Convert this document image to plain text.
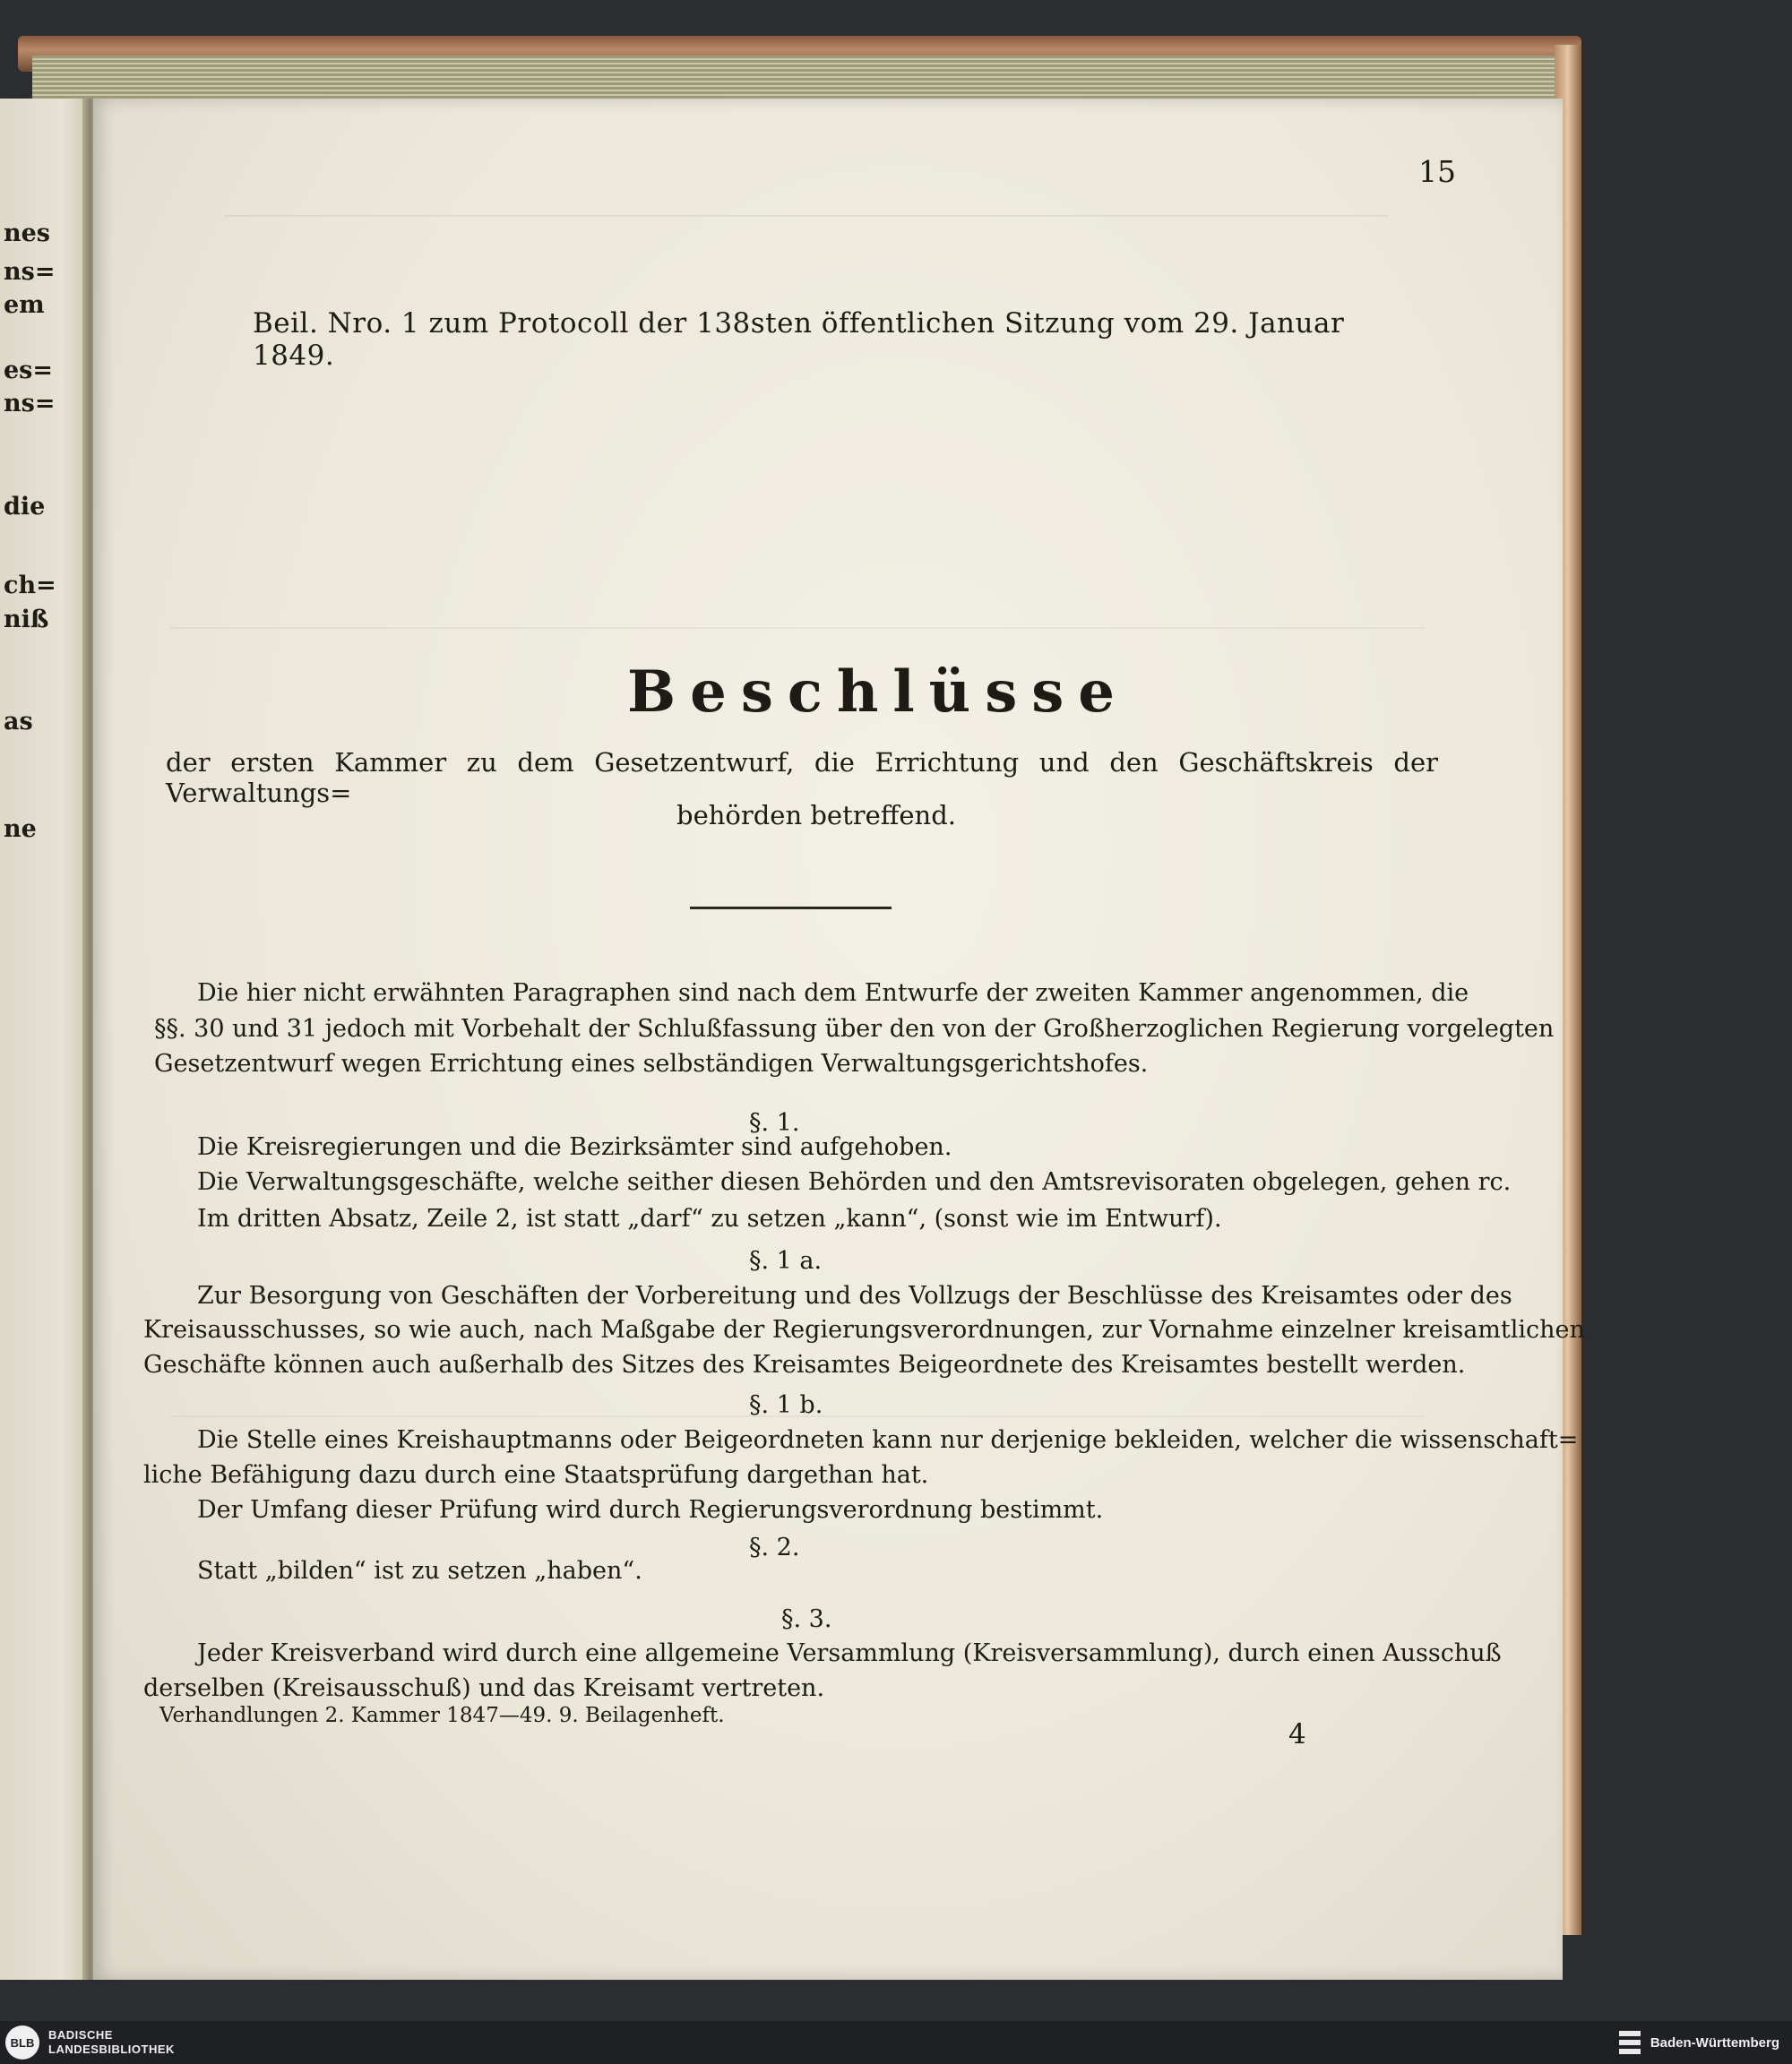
nes
ns=
em
es=
ns=
die
ch=
niß
as
ne
15
Beil. Nro. 1 zum Protocoll der 138sten öffentlichen Sitzung vom 29. Januar 1849.
Beschlüsse
der ersten Kammer zu dem Gesetzentwurf, die Errichtung und den Geschäftskreis der Verwaltungs=
behörden betreffend.
Die hier nicht erwähnten Paragraphen sind nach dem Entwurfe der zweiten Kammer angenommen, die
§§. 30 und 31 jedoch mit Vorbehalt der Schlußfassung über den von der Großherzoglichen Regierung vorgelegten
Gesetzentwurf wegen Errichtung eines selbständigen Verwaltungsgerichtshofes.
§. 1.
Die Kreisregierungen und die Bezirksämter sind aufgehoben.
Die Verwaltungsgeschäfte, welche seither diesen Behörden und den Amtsrevisoraten obgelegen, gehen rc.
Im dritten Absatz, Zeile 2, ist statt „darf“ zu setzen „kann“, (sonst wie im Entwurf).
§. 1 a.
Zur Besorgung von Geschäften der Vorbereitung und des Vollzugs der Beschlüsse des Kreisamtes oder des
Kreisausschusses, so wie auch, nach Maßgabe der Regierungsverordnungen, zur Vornahme einzelner kreisamtlichen
Geschäfte können auch außerhalb des Sitzes des Kreisamtes Beigeordnete des Kreisamtes bestellt werden.
§. 1 b.
Die Stelle eines Kreishauptmanns oder Beigeordneten kann nur derjenige bekleiden, welcher die wissenschaft=
liche Befähigung dazu durch eine Staatsprüfung dargethan hat.
Der Umfang dieser Prüfung wird durch Regierungsverordnung bestimmt.
§. 2.
Statt „bilden“ ist zu setzen „haben“.
§. 3.
Jeder Kreisverband wird durch eine allgemeine Versammlung (Kreisversammlung), durch einen Ausschuß
derselben (Kreisausschuß) und das Kreisamt vertreten.
Verhandlungen 2. Kammer 1847—49. 9. Beilagenheft.
4
BLB
BADISCHE
LANDESBIBLIOTHEK	Baden-Württemberg
